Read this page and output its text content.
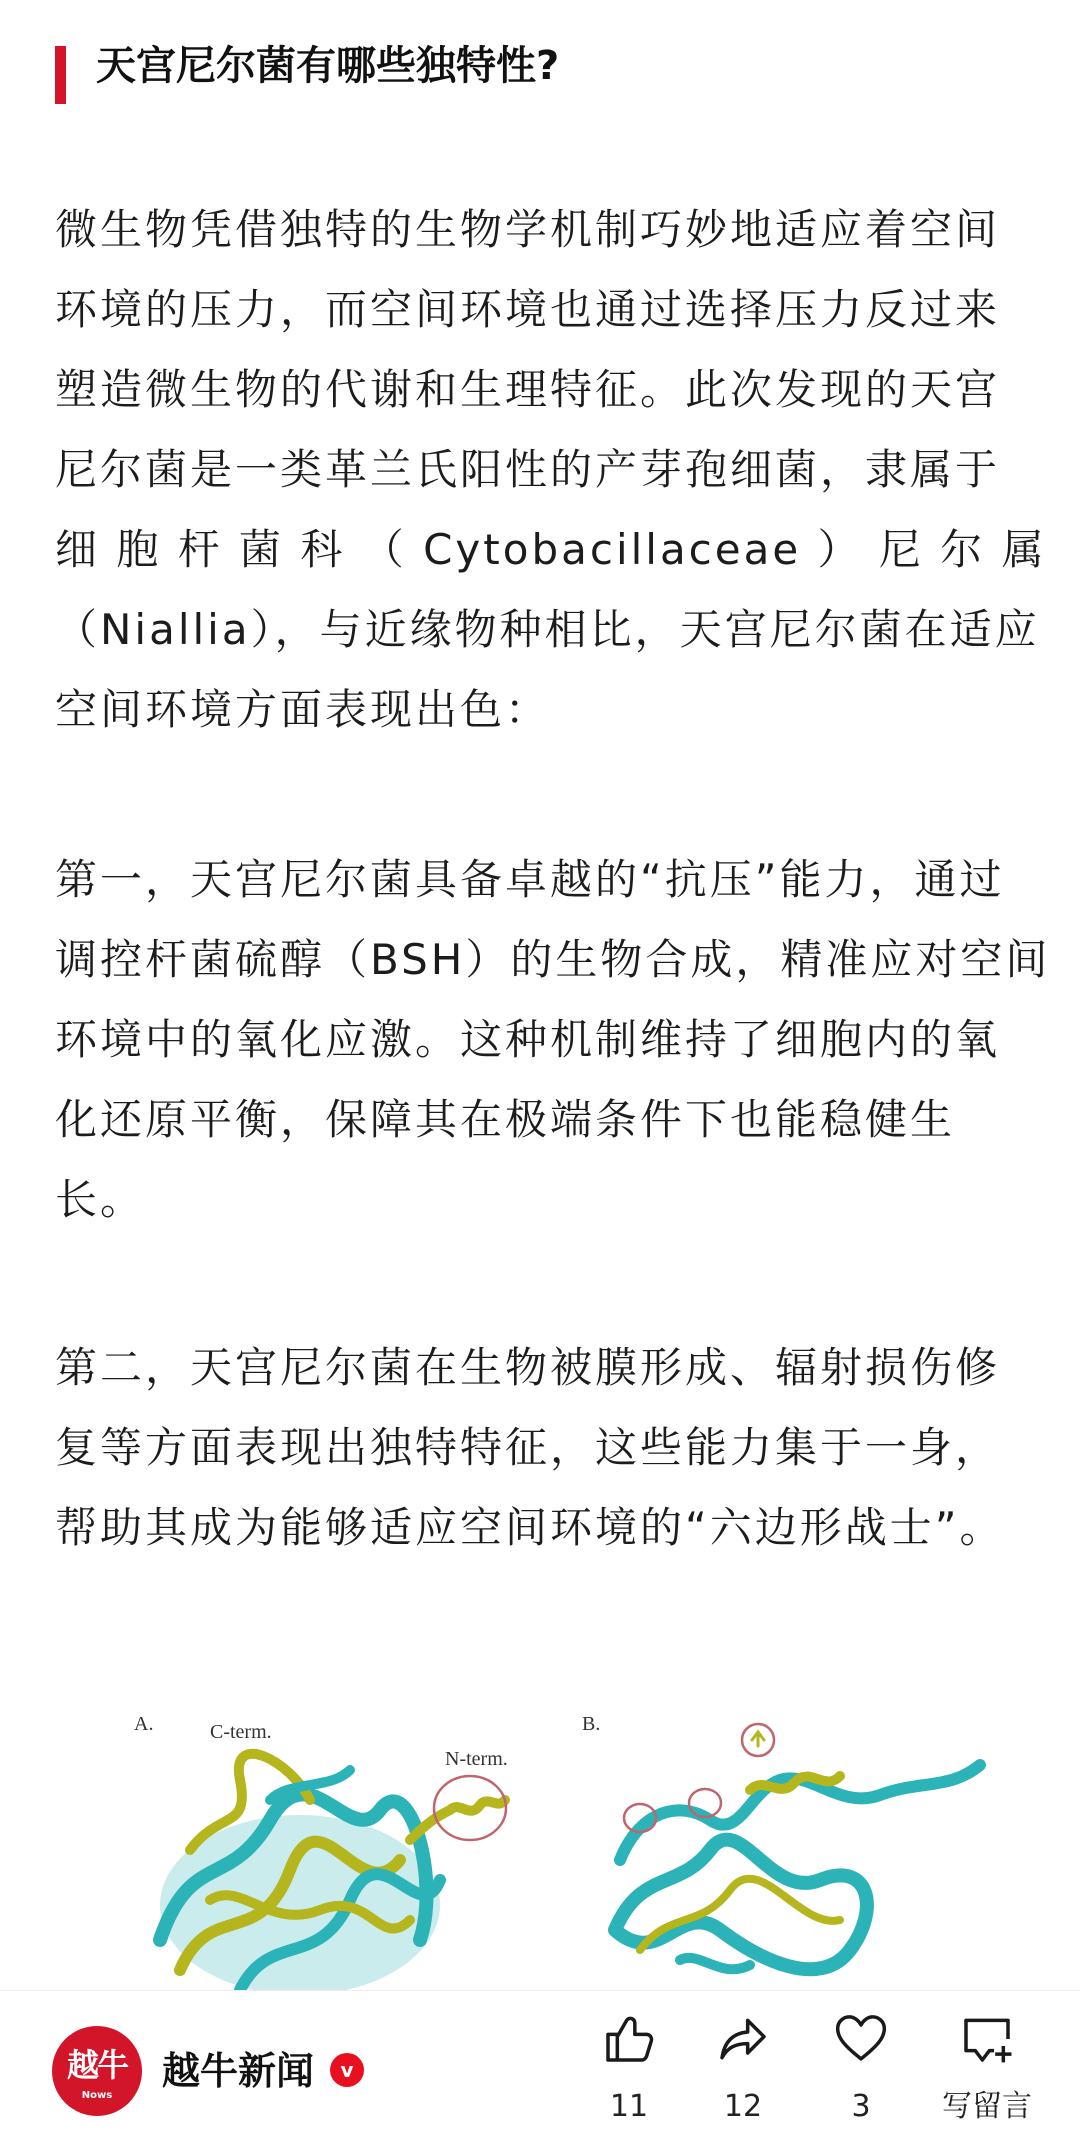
天宫尼尔菌有哪些独特性?
微生物凭借独特的生物学机制巧妙地适应着空间
环境的压力，而空间环境也通过选择压力反过来
塑造微生物的代谢和生理特征。此次发现的天宫
尼尔菌是一类革兰氏阳性的产芽孢细菌，隶属于
细 胞 杆 菌 科 （ Cytobacillaceae ） 尼 尔 属
（Niallia），与近缘物种相比，天宫尼尔菌在适应
空间环境方面表现出色：
第一，天宫尼尔菌具备卓越的“抗压”能力，通过
调控杆菌硫醇（BSH）的生物合成，精准应对空间
环境中的氧化应激。这种机制维持了细胞内的氧
化还原平衡，保障其在极端条件下也能稳健生
长。
第二，天宫尼尔菌在生物被膜形成、辐射损伤修
复等方面表现出独特特征，这些能力集于一身，
帮助其成为能够适应空间环境的“六边形战士”。
A.	C-term.
N-term.
B.
越牛
Nows
越牛新闻	v
11	12	3	写留言
